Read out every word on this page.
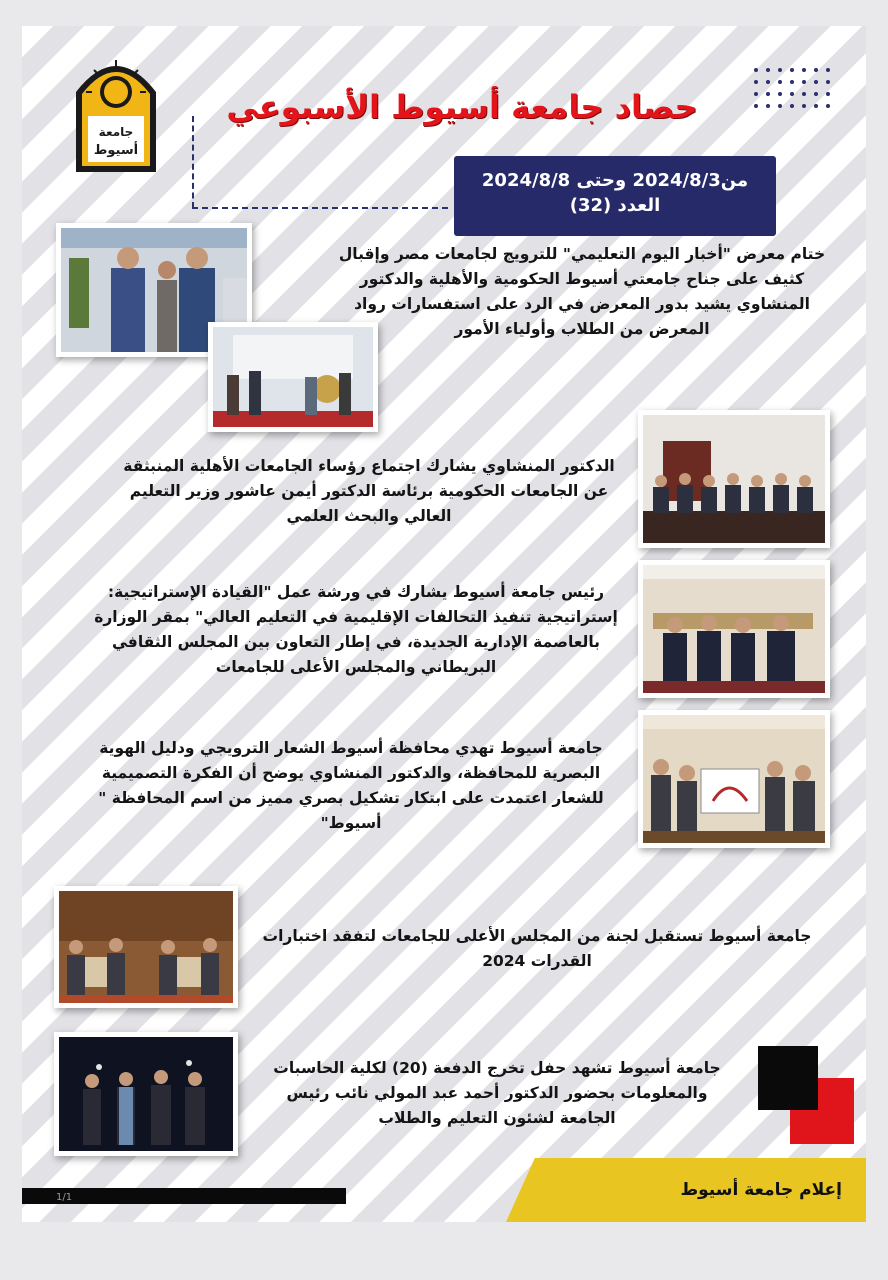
جامعة
أسيوط
حصاد جامعة أسيوط الأسبوعي
من2024/8/3 وحتى 2024/8/8
العدد (32)
ختام معرض "أخبار اليوم التعليمي" للترويج لجامعات مصر وإقبال كثيف على جناح جامعتي أسيوط الحكومية والأهلية والدكتور المنشاوي يشيد بدور المعرض في الرد على استفسارات رواد المعرض من الطلاب وأولياء الأمور
الدكتور المنشاوي يشارك اجتماع رؤساء الجامعات الأهلية المنبثقة عن الجامعات الحكومية برئاسة الدكتور أيمن عاشور وزير التعليم العالي والبحث العلمي
رئيس جامعة أسيوط يشارك في ورشة عمل "القيادة الإستراتيجية: إستراتيجية تنفيذ التحالفات الإقليمية في التعليم العالي" بمقر الوزارة بالعاصمة الإدارية الجديدة، في إطار التعاون بين المجلس الثقافي البريطاني والمجلس الأعلى للجامعات
جامعة أسيوط تهدي محافظة أسيوط الشعار الترويجي ودليل الهوية البصرية للمحافظة، والدكتور المنشاوي يوضح أن الفكرة التصميمية للشعار اعتمدت على ابتكار تشكيل بصري مميز من اسم المحافظة " أسيوط"
جامعة أسيوط تستقبل لجنة من المجلس الأعلى للجامعات لتفقد اختبارات القدرات 2024
جامعة أسيوط تشهد حفل تخرج الدفعة (20) لكلية الحاسبات والمعلومات بحضور الدكتور أحمد عبد المولي نائب رئيس الجامعة لشئون التعليم والطلاب
1/1	إعلام جامعة أسيوط
